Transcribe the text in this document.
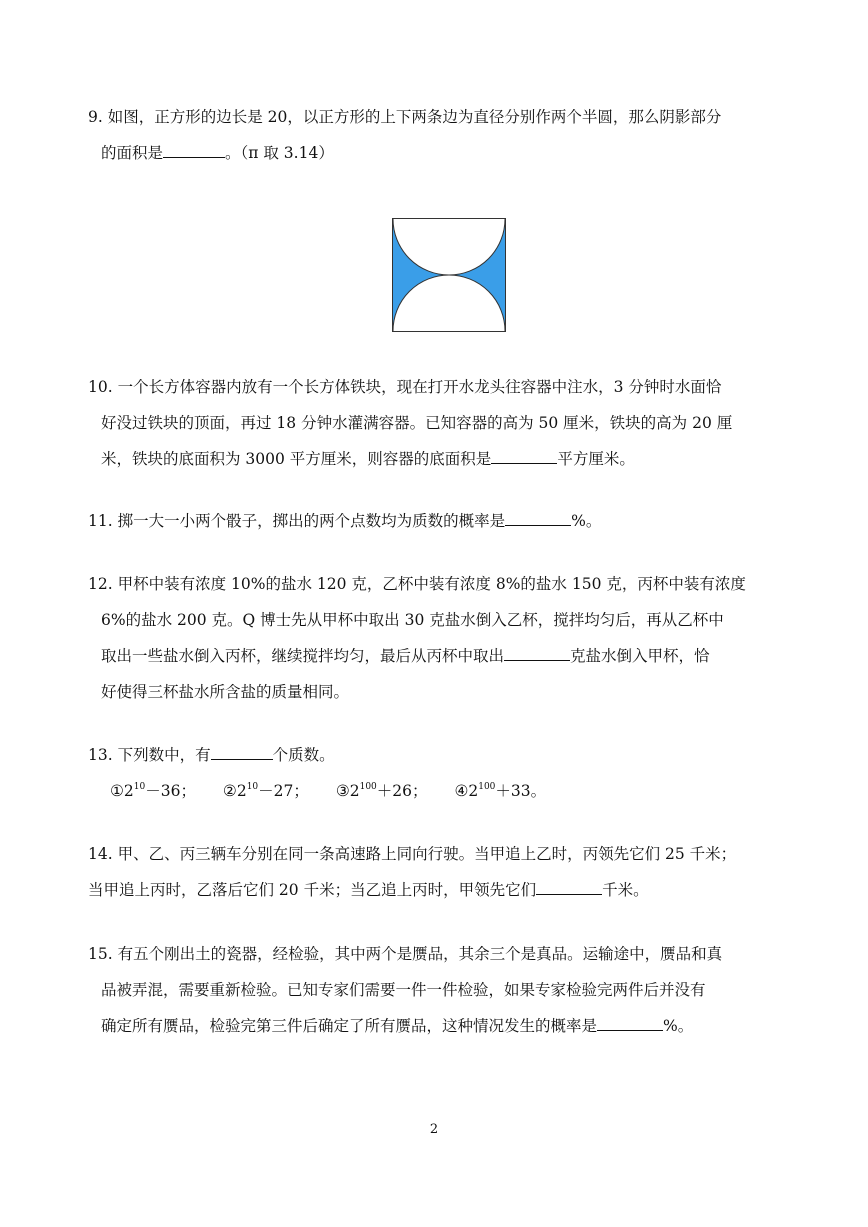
9. 如图，正方形的边长是 20，以正方形的上下两条边为直径分别作两个半圆，那么阴影部分
的面积是	。（π 取 3.14）
10. 一个长方体容器内放有一个长方体铁块，现在打开水龙头往容器中注水，3 分钟时水面恰
好没过铁块的顶面，再过 18 分钟水灌满容器。已知容器的高为 50 厘米，铁块的高为 20 厘
米，铁块的底面积为 3000 平方厘米，则容器的底面积是	平方厘米。
11. 掷一大一小两个骰子，掷出的两个点数均为质数的概率是	%。
12. 甲杯中装有浓度 10%的盐水 120 克，乙杯中装有浓度 8%的盐水 150 克，丙杯中装有浓度
6%的盐水 200 克。Q 博士先从甲杯中取出 30 克盐水倒入乙杯，搅拌均匀后，再从乙杯中
取出一些盐水倒入丙杯，继续搅拌均匀，最后从丙杯中取出	克盐水倒入甲杯，恰
好使得三杯盐水所含盐的质量相同。
13. 下列数中，有	个质数。
$①2^{10}-36$； $②2^{10}-27$； $③2^{100}+26$； $④2^{100}+33$。
14. 甲、乙、丙三辆车分别在同一条高速路上同向行驶。当甲追上乙时，丙领先它们 25 千米；
当甲追上丙时，乙落后它们 20 千米；当乙追上丙时，甲领先它们	千米。
15. 有五个刚出土的瓷器，经检验，其中两个是赝品，其余三个是真品。运输途中，赝品和真
品被弄混，需要重新检验。已知专家们需要一件一件检验，如果专家检验完两件后并没有
确定所有赝品，检验完第三件后确定了所有赝品，这种情况发生的概率是	%。
2
